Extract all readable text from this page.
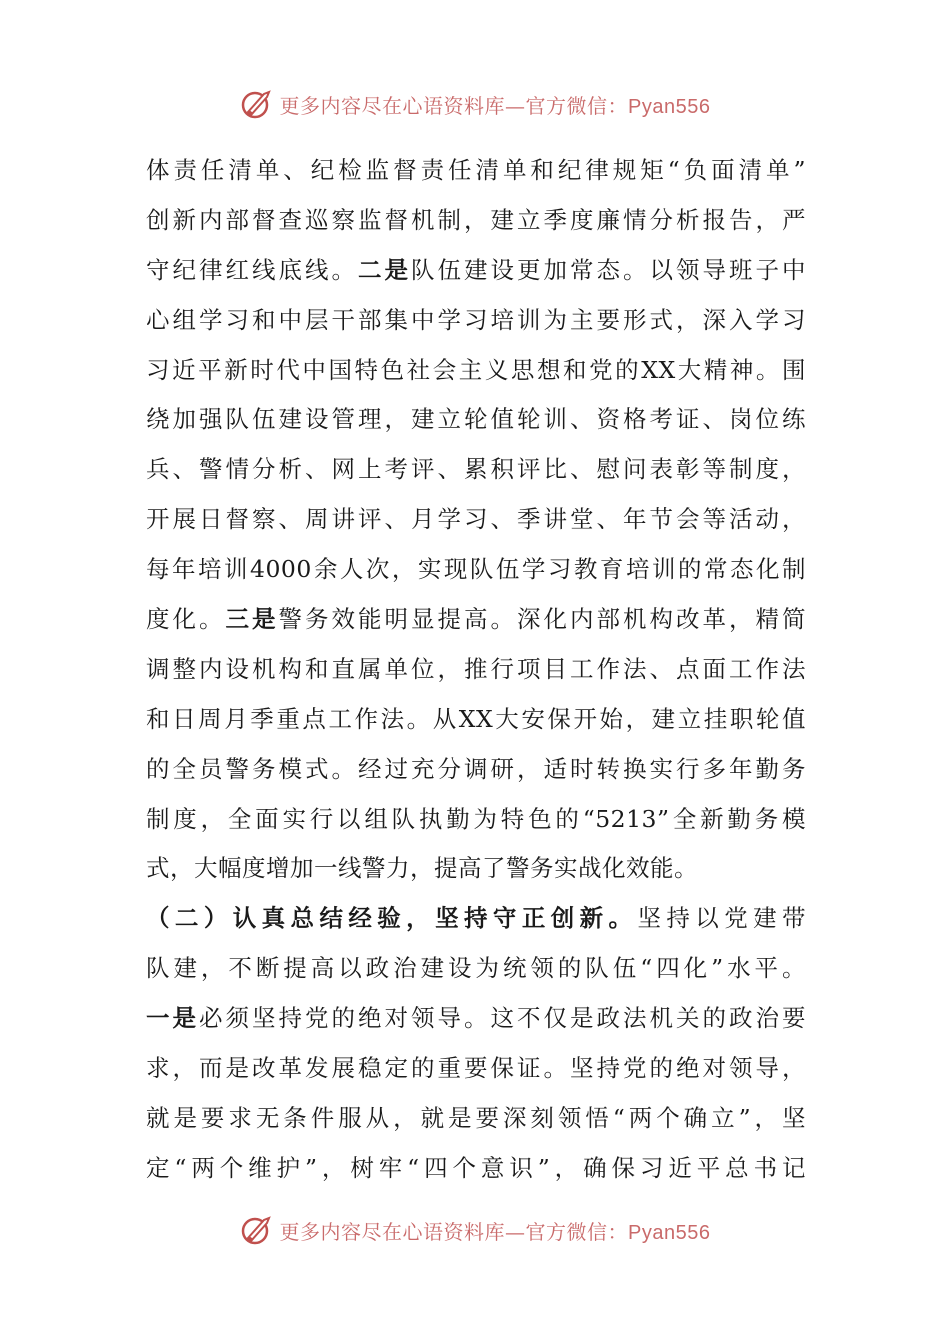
更多内容尽在心语资料库—官方微信：Pyan556
体责任清单、纪检监督责任清单和纪律规矩“负面清单”
创新内部督查巡察监督机制，建立季度廉情分析报告，严
守纪律红线底线。二是队伍建设更加常态。以领导班子中
心组学习和中层干部集中学习培训为主要形式，深入学习
习近平新时代中国特色社会主义思想和党的XX大精神。围
绕加强队伍建设管理，建立轮值轮训、资格考证、岗位练
兵、警情分析、网上考评、累积评比、慰问表彰等制度，
开展日督察、周讲评、月学习、季讲堂、年节会等活动，
每年培训4000余人次，实现队伍学习教育培训的常态化制
度化。三是警务效能明显提高。深化内部机构改革，精简
调整内设机构和直属单位，推行项目工作法、点面工作法
和日周月季重点工作法。从XX大安保开始，建立挂职轮值
的全员警务模式。经过充分调研，适时转换实行多年勤务
制度，全面实行以组队执勤为特色的“5213”全新勤务模
式，大幅度增加一线警力，提高了警务实战化效能。
（二）认真总结经验，坚持守正创新。坚持以党建带
队建，不断提高以政治建设为统领的队伍“四化”水平。
一是必须坚持党的绝对领导。这不仅是政法机关的政治要
求，而是改革发展稳定的重要保证。坚持党的绝对领导，
就是要求无条件服从，就是要深刻领悟“两个确立”，坚
定“两个维护”，树牢“四个意识”，确保习近平总书记
更多内容尽在心语资料库—官方微信：Pyan556
